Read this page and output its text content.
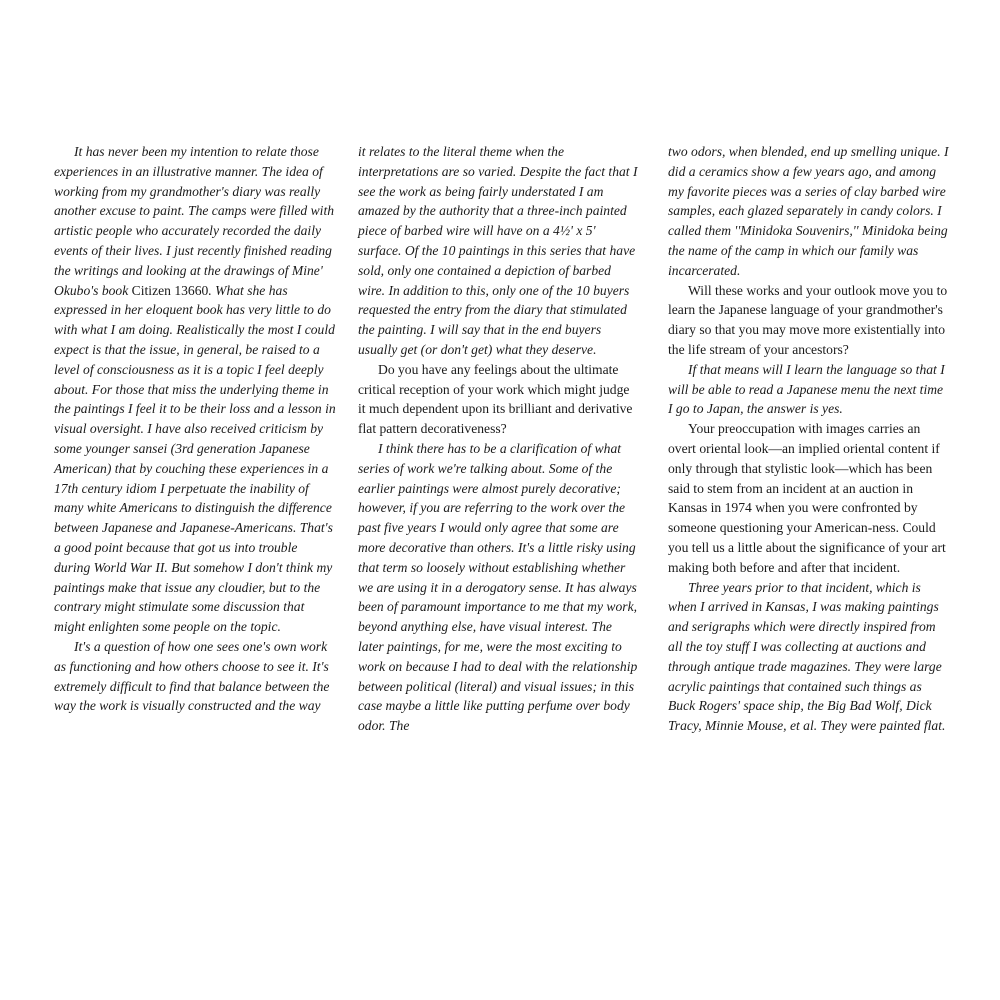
It has never been my intention to relate those experiences in an illustrative manner. The idea of working from my grandmother's diary was really another excuse to paint. The camps were filled with artistic people who accurately recorded the daily events of their lives. I just recently finished reading the writings and looking at the drawings of Mine' Okubo's book Citizen 13660. What she has expressed in her eloquent book has very little to do with what I am doing. Realistically the most I could expect is that the issue, in general, be raised to a level of consciousness as it is a topic I feel deeply about. For those that miss the underlying theme in the paintings I feel it to be their loss and a lesson in visual oversight. I have also received criticism by some younger sansei (3rd generation Japanese American) that by couching these experiences in a 17th century idiom I perpetuate the inability of many white Americans to distinguish the difference between Japanese and Japanese-Americans. That's a good point because that got us into trouble during World War II. But somehow I don't think my paintings make that issue any cloudier, but to the contrary might stimulate some discussion that might enlighten some people on the topic.

It's a question of how one sees one's own work as functioning and how others choose to see it. It's extremely difficult to find that balance between the way the work is visually constructed and the way

it relates to the literal theme when the interpretations are so varied. Despite the fact that I see the work as being fairly understated I am amazed by the authority that a three-inch painted piece of barbed wire will have on a 4½' x 5' surface. Of the 10 paintings in this series that have sold, only one contained a depiction of barbed wire. In addition to this, only one of the 10 buyers requested the entry from the diary that stimulated the painting. I will say that in the end buyers usually get (or don't get) what they deserve.

Do you have any feelings about the ultimate critical reception of your work which might judge it much dependent upon its brilliant and derivative flat pattern decorativeness?

I think there has to be a clarification of what series of work we're talking about. Some of the earlier paintings were almost purely decorative; however, if you are referring to the work over the past five years I would only agree that some are more decorative than others. It's a little risky using that term so loosely without establishing whether we are using it in a derogatory sense. It has always been of paramount importance to me that my work, beyond anything else, have visual interest. The later paintings, for me, were the most exciting to work on because I had to deal with the relationship between political (literal) and visual issues; in this case maybe a little like putting perfume over body odor. The

two odors, when blended, end up smelling unique. I did a ceramics show a few years ago, and among my favorite pieces was a series of clay barbed wire samples, each glazed separately in candy colors. I called them ''Minidoka Souvenirs,'' Minidoka being the name of the camp in which our family was incarcerated.

Will these works and your outlook move you to learn the Japanese language of your grandmother's diary so that you may move more existentially into the life stream of your ancestors?

If that means will I learn the language so that I will be able to read a Japanese menu the next time I go to Japan, the answer is yes.

Your preoccupation with images carries an overt oriental look—an implied oriental content if only through that stylistic look—which has been said to stem from an incident at an auction in Kansas in 1974 when you were confronted by someone questioning your American-ness. Could you tell us a little about the significance of your art making both before and after that incident.

Three years prior to that incident, which is when I arrived in Kansas, I was making paintings and serigraphs which were directly inspired from all the toy stuff I was collecting at auctions and through antique trade magazines. They were large acrylic paintings that contained such things as Buck Rogers' space ship, the Big Bad Wolf, Dick Tracy, Minnie Mouse, et al. They were painted flat.
